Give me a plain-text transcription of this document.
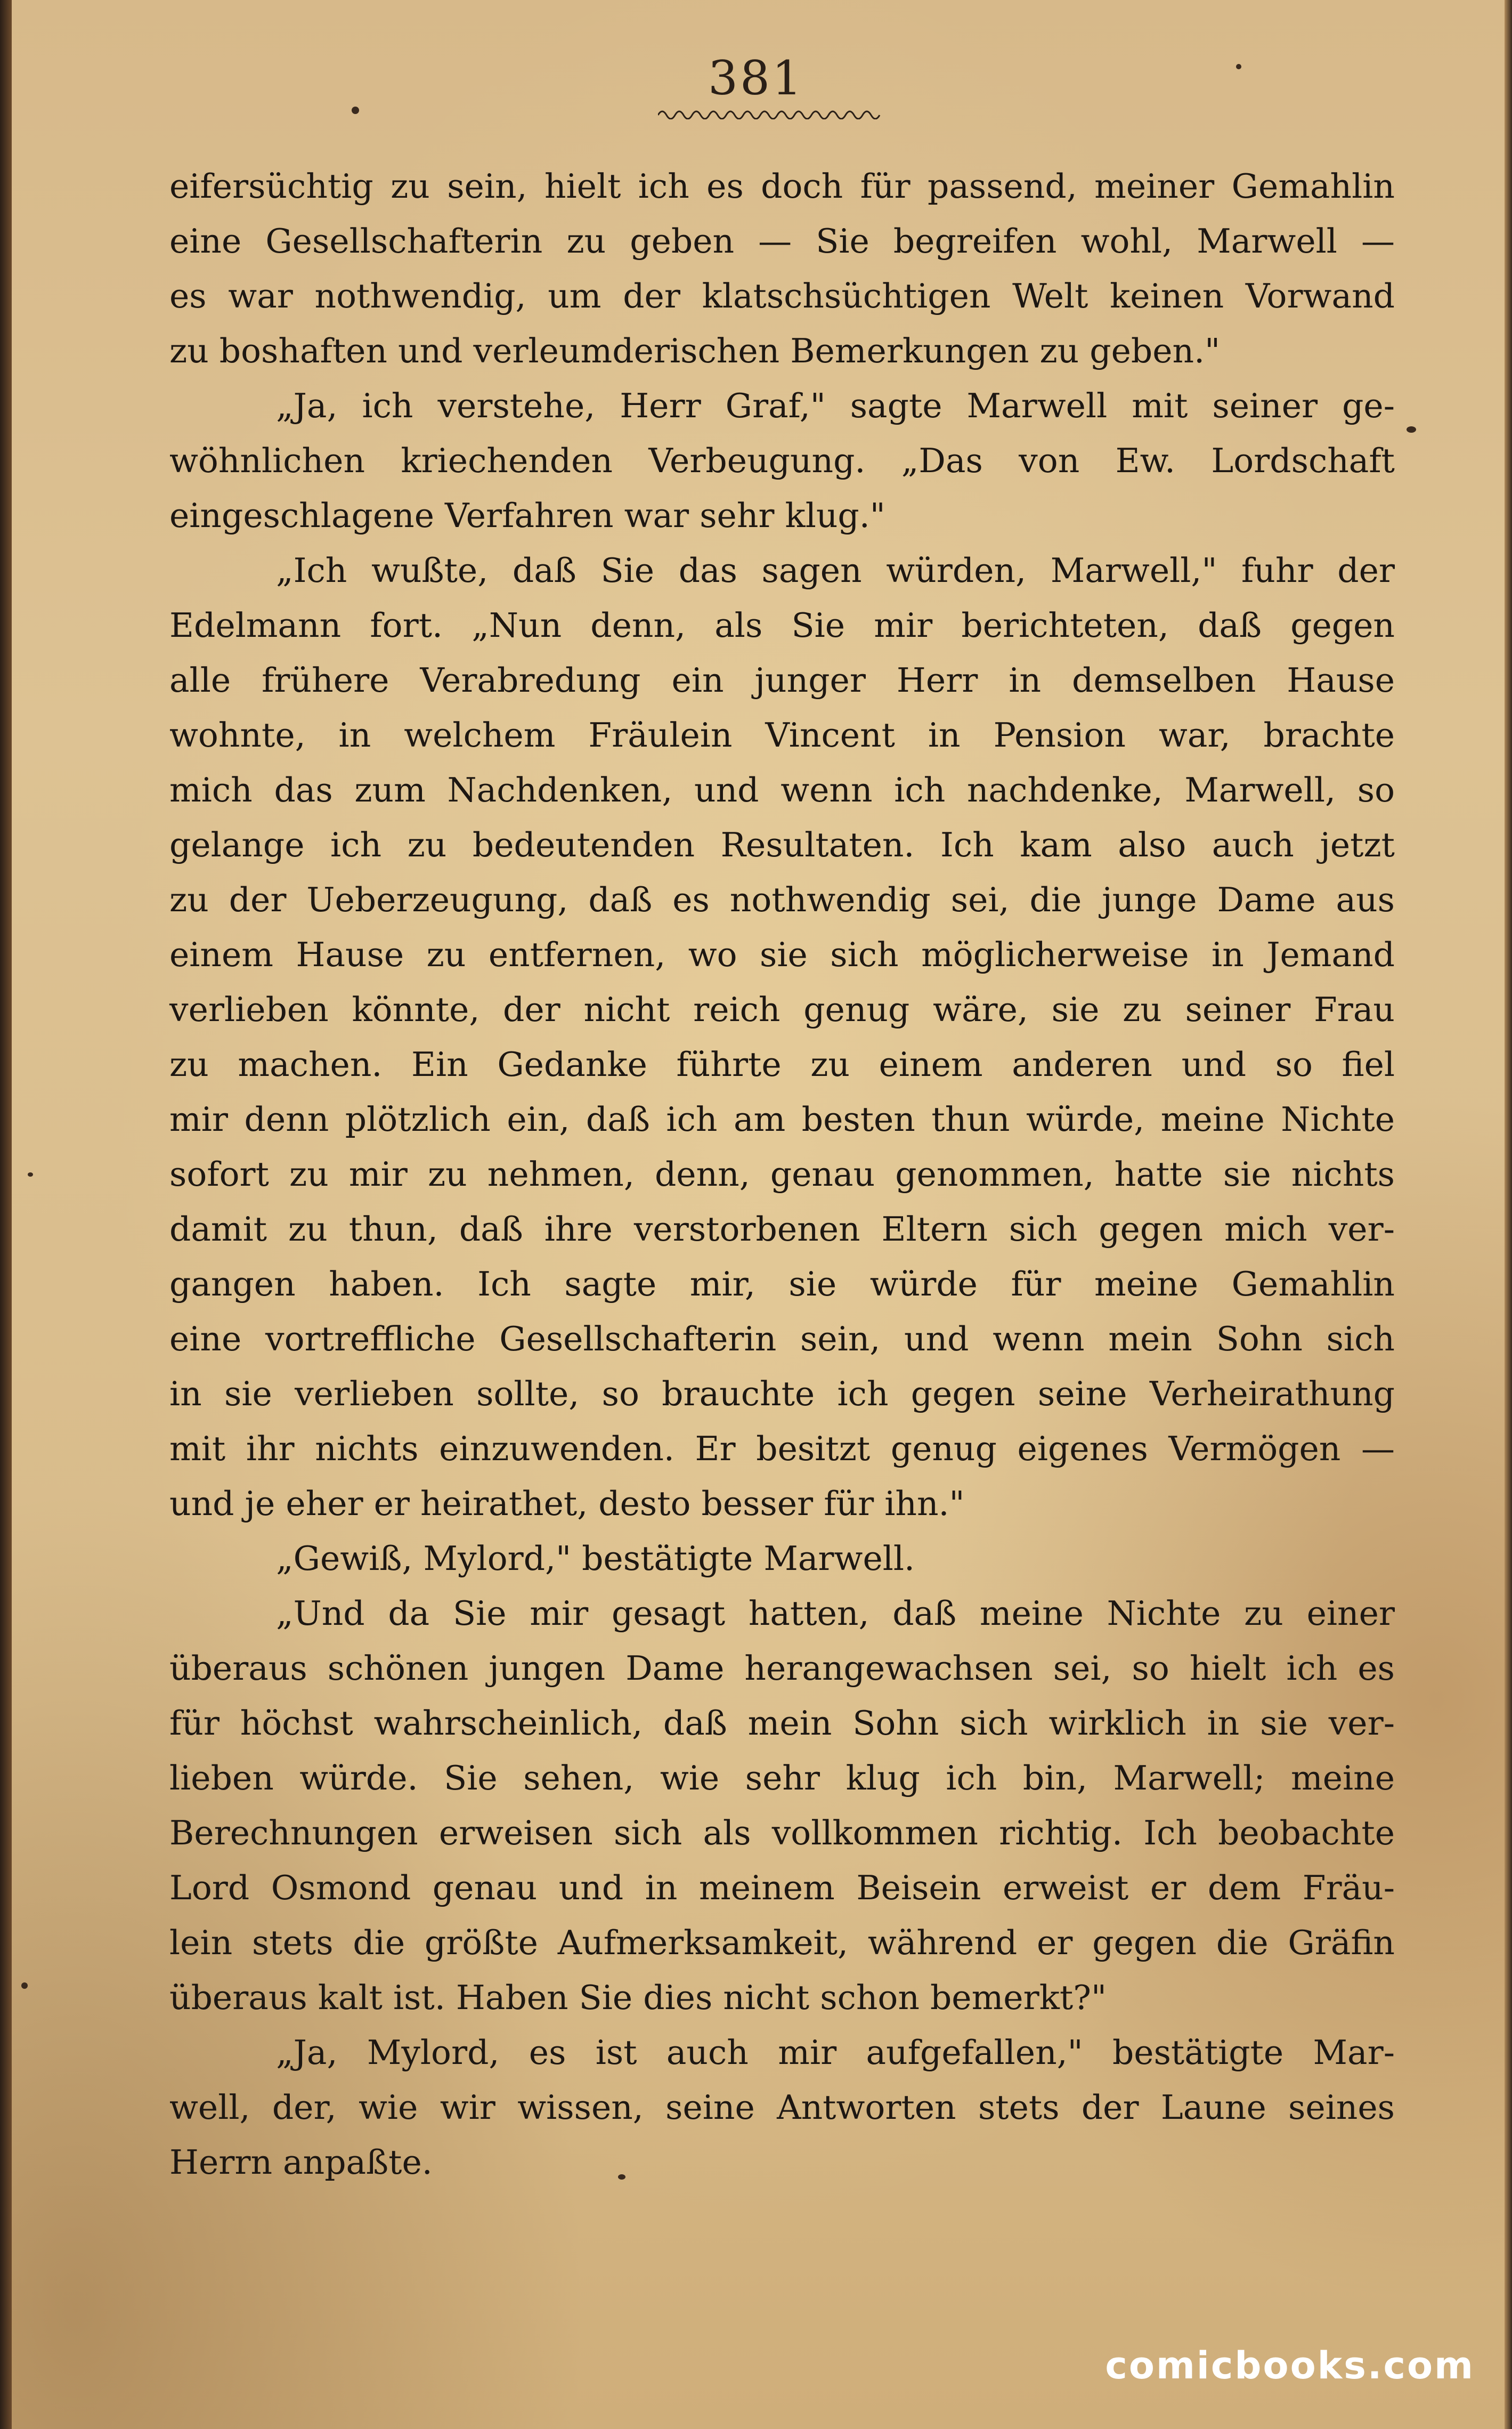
381
eifersüchtig zu sein, hielt ich es doch für passend, meiner Gemahlin
eine Gesellschafterin zu geben — Sie begreifen wohl, Marwell —
es war nothwendig, um der klatschsüchtigen Welt keinen Vorwand
zu boshaften und verleumderischen Bemerkungen zu geben."
„Ja, ich verstehe, Herr Graf," sagte Marwell mit seiner ge-
wöhnlichen kriechenden Verbeugung. „Das von Ew. Lordschaft
eingeschlagene Verfahren war sehr klug."
„Ich wußte, daß Sie das sagen würden, Marwell," fuhr der
Edelmann fort. „Nun denn, als Sie mir berichteten, daß gegen
alle frühere Verabredung ein junger Herr in demselben Hause
wohnte, in welchem Fräulein Vincent in Pension war, brachte
mich das zum Nachdenken, und wenn ich nachdenke, Marwell, so
gelange ich zu bedeutenden Resultaten. Ich kam also auch jetzt
zu der Ueberzeugung, daß es nothwendig sei, die junge Dame aus
einem Hause zu entfernen, wo sie sich möglicherweise in Jemand
verlieben könnte, der nicht reich genug wäre, sie zu seiner Frau
zu machen. Ein Gedanke führte zu einem anderen und so fiel
mir denn plötzlich ein, daß ich am besten thun würde, meine Nichte
sofort zu mir zu nehmen, denn, genau genommen, hatte sie nichts
damit zu thun, daß ihre verstorbenen Eltern sich gegen mich ver-
gangen haben. Ich sagte mir, sie würde für meine Gemahlin
eine vortreffliche Gesellschafterin sein, und wenn mein Sohn sich
in sie verlieben sollte, so brauchte ich gegen seine Verheirathung
mit ihr nichts einzuwenden. Er besitzt genug eigenes Vermögen —
und je eher er heirathet, desto besser für ihn."
„Gewiß, Mylord," bestätigte Marwell.
„Und da Sie mir gesagt hatten, daß meine Nichte zu einer
überaus schönen jungen Dame herangewachsen sei, so hielt ich es
für höchst wahrscheinlich, daß mein Sohn sich wirklich in sie ver-
lieben würde. Sie sehen, wie sehr klug ich bin, Marwell; meine
Berechnungen erweisen sich als vollkommen richtig. Ich beobachte
Lord Osmond genau und in meinem Beisein erweist er dem Fräu-
lein stets die größte Aufmerksamkeit, während er gegen die Gräfin
überaus kalt ist. Haben Sie dies nicht schon bemerkt?"
„Ja, Mylord, es ist auch mir aufgefallen," bestätigte Mar-
well, der, wie wir wissen, seine Antworten stets der Laune seines
Herrn anpaßte.
comicbooks.com
